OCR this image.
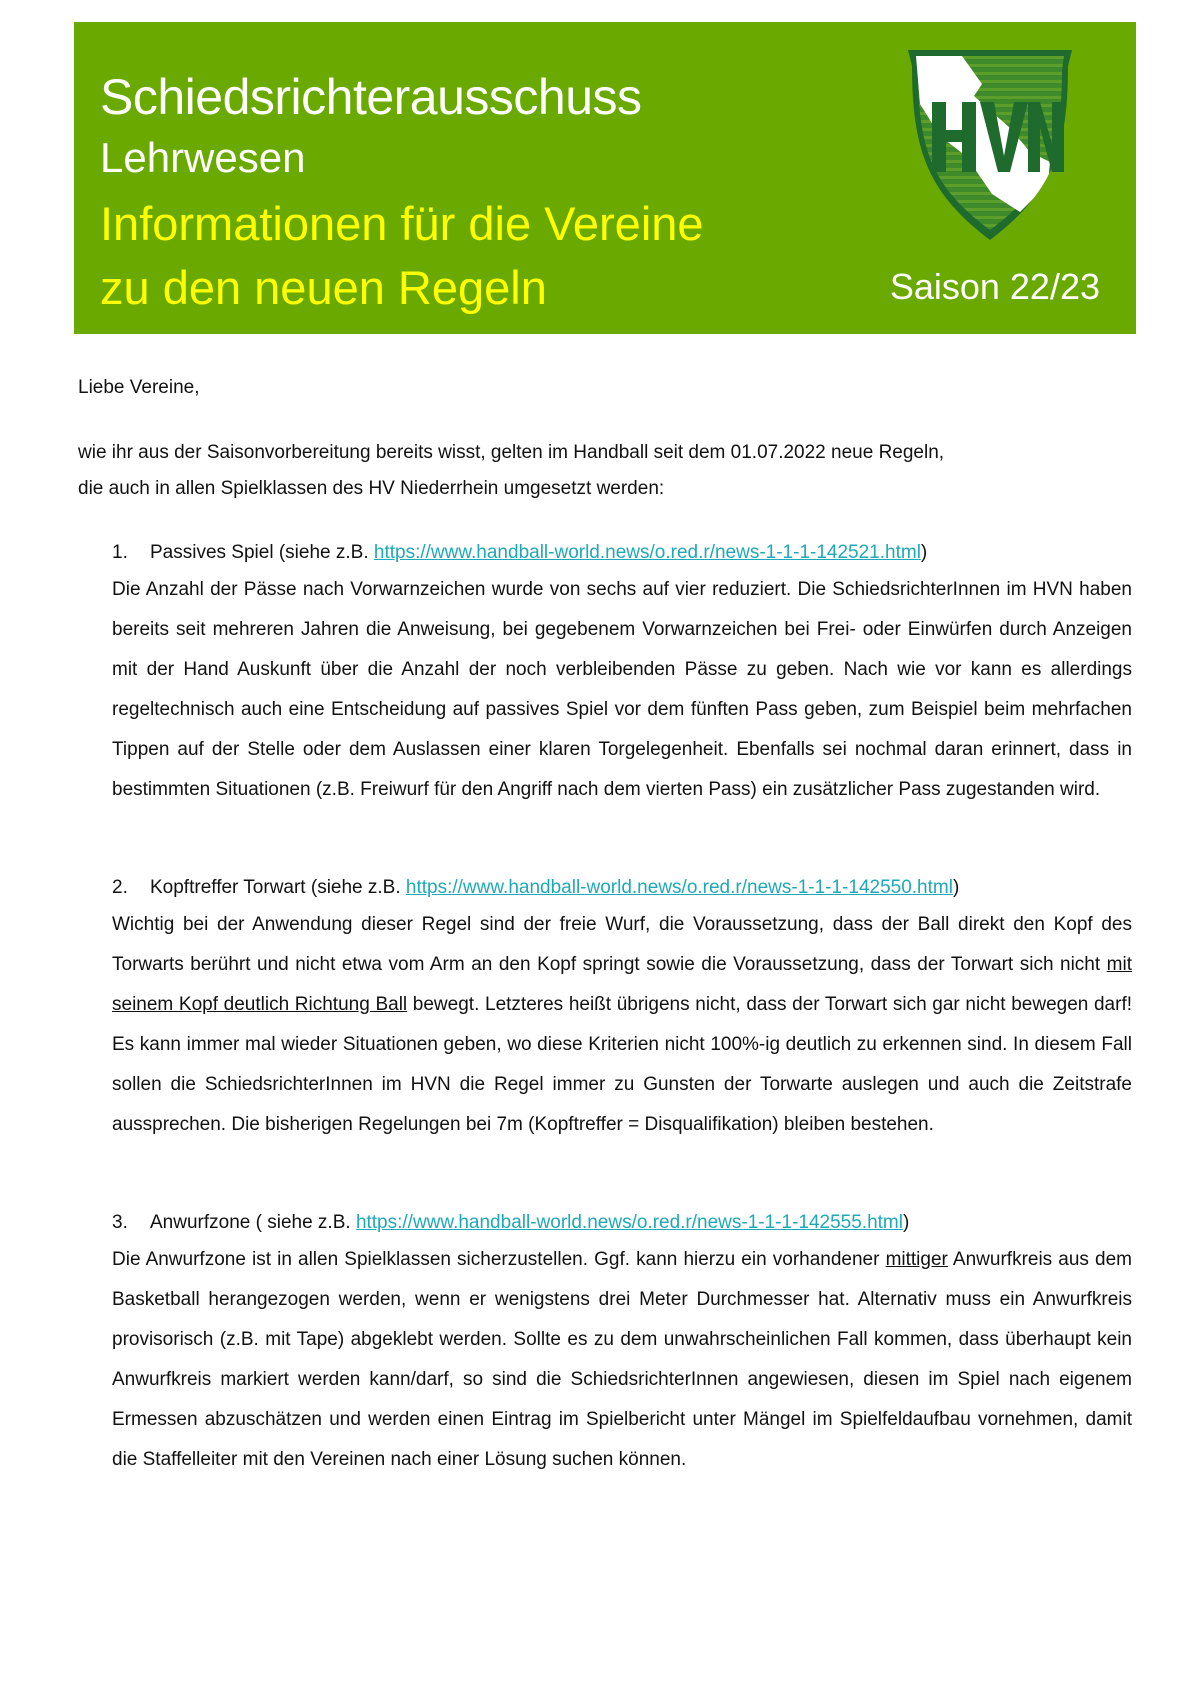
Schiedsrichterausschuss
Lehrwesen
Informationen für die Vereine
zu den neuen Regeln	Saison 22/23
Liebe Vereine,
wie ihr aus der Saisonvorbereitung bereits wisst, gelten im Handball seit dem 01.07.2022 neue Regeln,
die auch in allen Spielklassen des HV Niederrhein umgesetzt werden:
1. Passives Spiel (siehe z.B. https://www.handball-world.news/o.red.r/news-1-1-1-142521.html)
Die Anzahl der Pässe nach Vorwarnzeichen wurde von sechs auf vier reduziert. Die SchiedsrichterInnen im HVN haben bereits seit mehreren Jahren die Anweisung, bei gegebenem Vorwarnzeichen bei Frei- oder Einwürfen durch Anzeigen mit der Hand Auskunft über die Anzahl der noch verbleibenden Pässe zu geben. Nach wie vor kann es allerdings regeltechnisch auch eine Entscheidung auf passives Spiel vor dem fünften Pass geben, zum Beispiel beim mehrfachen Tippen auf der Stelle oder dem Auslassen einer klaren Torgelegenheit. Ebenfalls sei nochmal daran erinnert, dass in bestimmten Situationen (z.B. Freiwurf für den Angriff nach dem vierten Pass) ein zusätzlicher Pass zugestanden wird.
2. Kopftreffer Torwart (siehe z.B. https://www.handball-world.news/o.red.r/news-1-1-1-142550.html)
Wichtig bei der Anwendung dieser Regel sind der freie Wurf, die Voraussetzung, dass der Ball direkt den Kopf des Torwarts berührt und nicht etwa vom Arm an den Kopf springt sowie die Voraussetzung, dass der Torwart sich nicht mit seinem Kopf deutlich Richtung Ball bewegt. Letzteres heißt übrigens nicht, dass der Torwart sich gar nicht bewegen darf! Es kann immer mal wieder Situationen geben, wo diese Kriterien nicht 100%-ig deutlich zu erkennen sind. In diesem Fall sollen die SchiedsrichterInnen im HVN die Regel immer zu Gunsten der Torwarte auslegen und auch die Zeitstrafe aussprechen. Die bisherigen Regelungen bei 7m (Kopftreffer = Disqualifikation) bleiben bestehen.
3. Anwurfzone ( siehe z.B. https://www.handball-world.news/o.red.r/news-1-1-1-142555.html)
Die Anwurfzone ist in allen Spielklassen sicherzustellen. Ggf. kann hierzu ein vorhandener mittiger Anwurfkreis aus dem Basketball herangezogen werden, wenn er wenigstens drei Meter Durchmesser hat. Alternativ muss ein Anwurfkreis provisorisch (z.B. mit Tape) abgeklebt werden. Sollte es zu dem unwahrscheinlichen Fall kommen, dass überhaupt kein Anwurfkreis markiert werden kann/darf, so sind die SchiedsrichterInnen angewiesen, diesen im Spiel nach eigenem Ermessen abzuschätzen und werden einen Eintrag im Spielbericht unter Mängel im Spielfeldaufbau vornehmen, damit die Staffelleiter mit den Vereinen nach einer Lösung suchen können.
